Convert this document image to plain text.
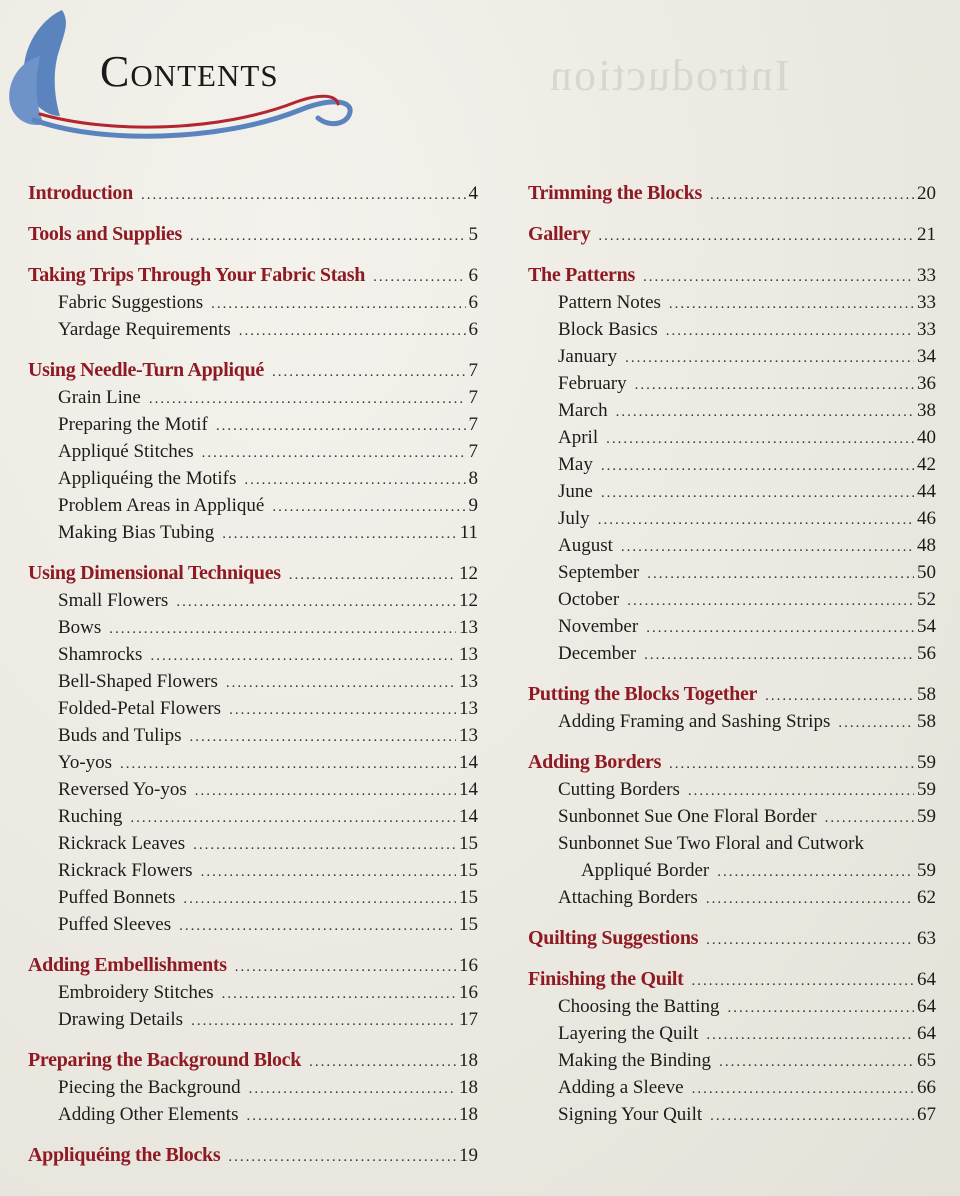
Introduction
Contents
Introduction .....	4
Tools and Supplies .....	5
Taking Trips Through Your Fabric Stash .....	6
Fabric Suggestions .....	6
Yardage Requirements .....	6
Using Needle-Turn Appliqué .....	7
Grain Line .....	7
Preparing the Motif .....	7
Appliqué Stitches .....	7
Appliquéing the Motifs .....	8
Problem Areas in Appliqué .....	9
Making Bias Tubing .....	11
Using Dimensional Techniques .....	12
Small Flowers .....	12
Bows .....	13
Shamrocks .....	13
Bell-Shaped Flowers .....	13
Folded-Petal Flowers .....	13
Buds and Tulips .....	13
Yo-yos .....	14
Reversed Yo-yos .....	14
Ruching .....	14
Rickrack Leaves .....	15
Rickrack Flowers .....	15
Puffed Bonnets .....	15
Puffed Sleeves .....	15
Adding Embellishments .....	16
Embroidery Stitches .....	16
Drawing Details .....	17
Preparing the Background Block .....	18
Piecing the Background .....	18
Adding Other Elements .....	18
Appliquéing the Blocks .....	19
Trimming the Blocks .....	20
Gallery .....	21
The Patterns .....	33
Pattern Notes .....	33
Block Basics .....	33
January .....	34
February .....	36
March .....	38
April .....	40
May .....	42
June .....	44
July .....	46
August .....	48
September .....	50
October .....	52
November .....	54
December .....	56
Putting the Blocks Together .....	58
Adding Framing and Sashing Strips .....	58
Adding Borders .....	59
Cutting Borders .....	59
Sunbonnet Sue One Floral Border .....	59
Sunbonnet Sue Two Floral and Cutwork
Appliqué Border .....	59
Attaching Borders .....	62
Quilting Suggestions .....	63
Finishing the Quilt .....	64
Choosing the Batting .....	64
Layering the Quilt .....	64
Making the Binding .....	65
Adding a Sleeve .....	66
Signing Your Quilt .....	67
